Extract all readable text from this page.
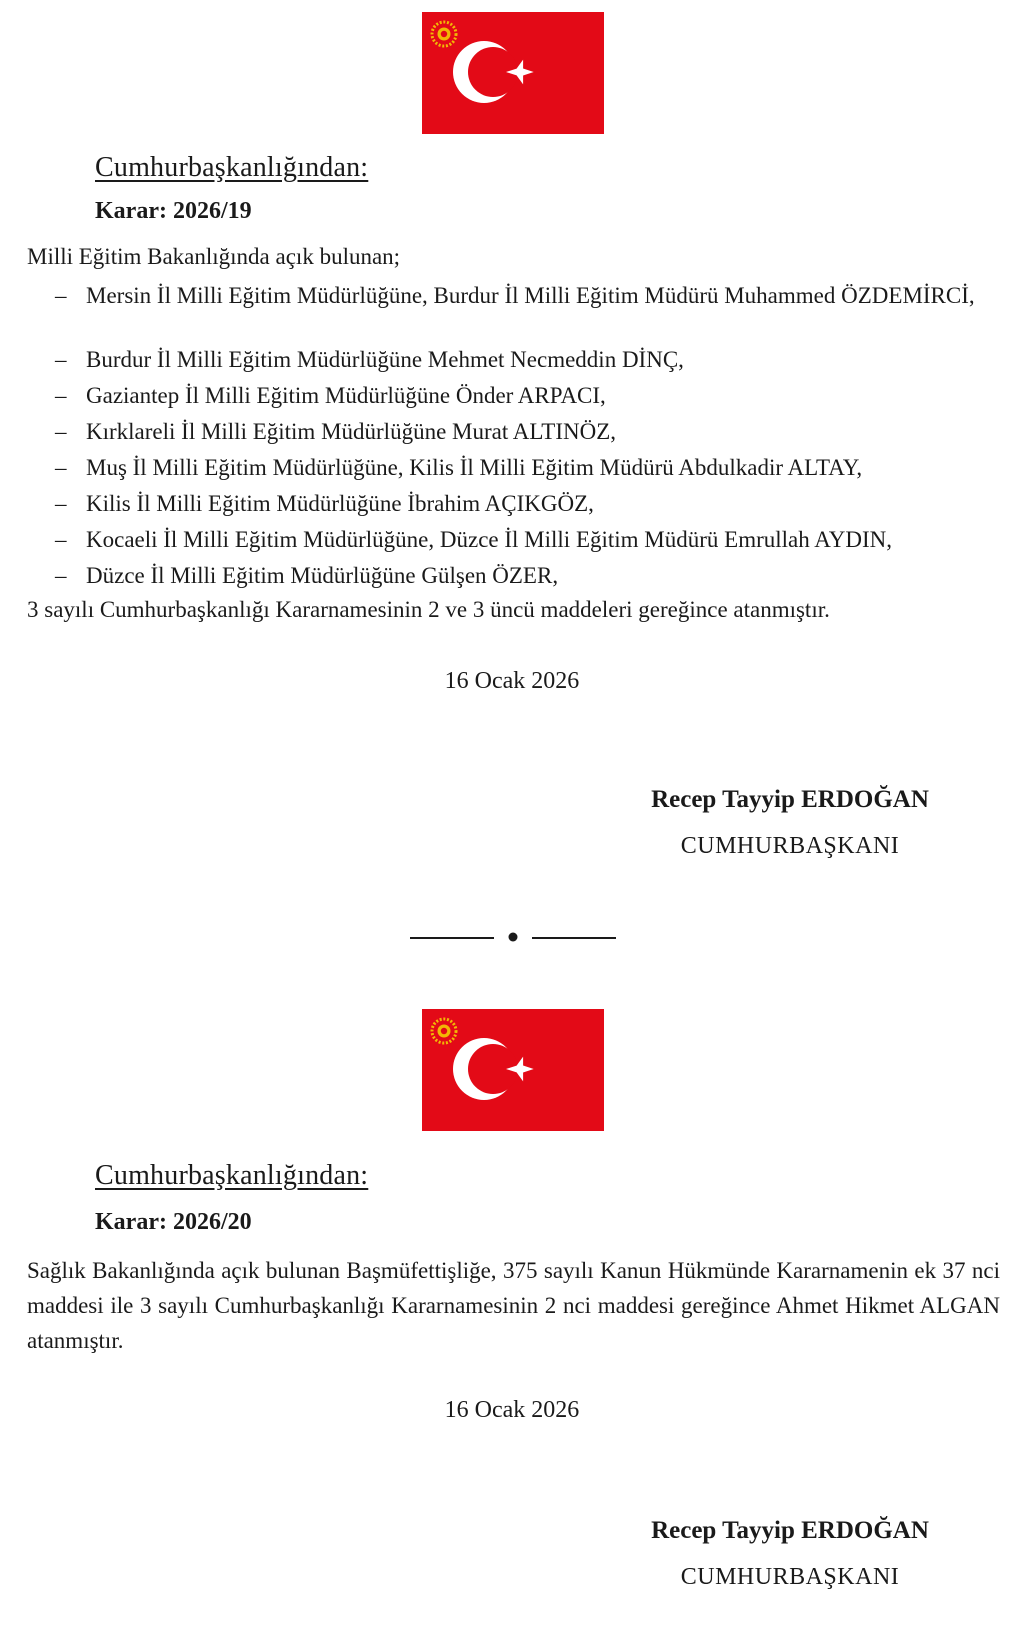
Cumhurbaşkanlığından:
Karar: 2026/19
Milli Eğitim Bakanlığında açık bulunan;
– Mersin İl Milli Eğitim Müdürlüğüne, Burdur İl Milli Eğitim Müdürü Muhammed ÖZDEMİRCİ,
– Burdur İl Milli Eğitim Müdürlüğüne Mehmet Necmeddin DİNÇ,
– Gaziantep İl Milli Eğitim Müdürlüğüne Önder ARPACI,
– Kırklareli İl Milli Eğitim Müdürlüğüne Murat ALTINÖZ,
– Muş İl Milli Eğitim Müdürlüğüne, Kilis İl Milli Eğitim Müdürü Abdulkadir ALTAY,
– Kilis İl Milli Eğitim Müdürlüğüne İbrahim AÇIKGÖZ,
– Kocaeli İl Milli Eğitim Müdürlüğüne, Düzce İl Milli Eğitim Müdürü Emrullah AYDIN,
– Düzce İl Milli Eğitim Müdürlüğüne Gülşen ÖZER,
3 sayılı Cumhurbaşkanlığı Kararnamesinin 2 ve 3 üncü maddeleri gereğince atanmıştır.
16 Ocak 2026
Recep Tayyip ERDOĞAN
CUMHURBAŞKANI
Cumhurbaşkanlığından:
Karar: 2026/20
Sağlık Bakanlığında açık bulunan Başmüfettişliğe, 375 sayılı Kanun Hükmünde Kararnamenin ek 37 nci maddesi ile 3 sayılı Cumhurbaşkanlığı Kararnamesinin 2 nci maddesi gereğince Ahmet Hikmet ALGAN atanmıştır.
16 Ocak 2026
Recep Tayyip ERDOĞAN
CUMHURBAŞKANI
